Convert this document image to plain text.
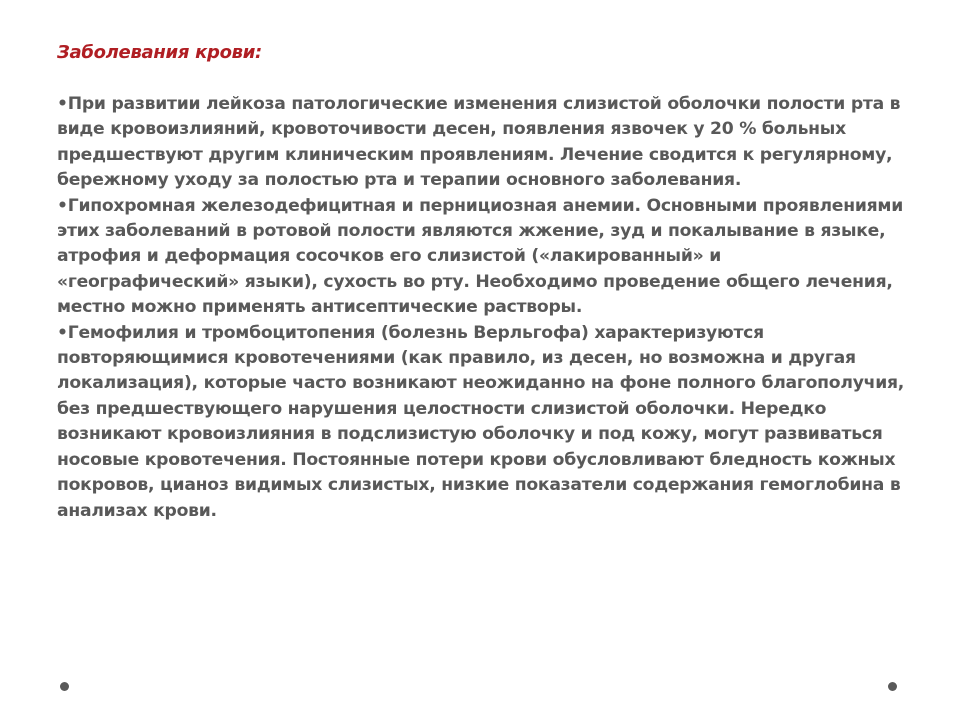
Заболевания крови:

•При развитии лейкоза патологические изменения слизистой оболочки полости рта в виде кровоизлияний, кровоточивости десен, появления язвочек у 20 % больных предшествуют другим клиническим проявлениям. Лечение сводится к регулярному, бережному уходу за полостью рта и терапии основного заболевания.
•Гипохромная железодефицитная и пернициозная анемии. Основными проявлениями этих заболеваний в ротовой полости являются жжение, зуд и покалывание в языке, атрофия и деформация сосочков его слизистой («лакированный» и «географический» языки), сухость во рту. Необходимо проведение общего лечения, местно можно применять антисептические растворы.
•Гемофилия и тромбоцитопения (болезнь Верльгофа) характеризуются повторяющимися кровотечениями (как правило, из десен, но возможна и другая локализация), которые часто возникают неожиданно на фоне полного благополучия, без предшествующего нарушения целостности слизистой оболочки. Нередко возникают кровоизлияния в подслизистую оболочку и под кожу, могут развиваться носовые кровотечения. Постоянные потери крови обусловливают бледность кожных покровов, цианоз видимых слизистых, низкие показатели содержания гемоглобина в анализах крови.
